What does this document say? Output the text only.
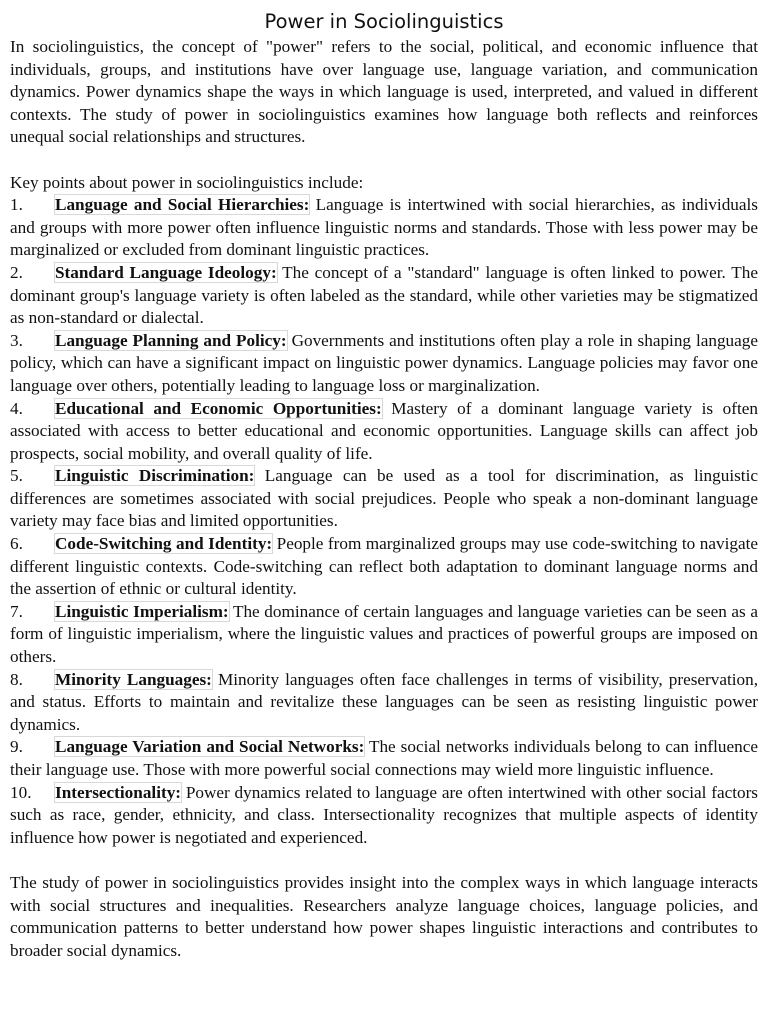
Power in Sociolinguistics

In sociolinguistics, the concept of "power" refers to the social, political, and economic influence that individuals, groups, and institutions have over language use, language variation, and communication dynamics. Power dynamics shape the ways in which language is used, interpreted, and valued in different contexts. The study of power in sociolinguistics examines how language both reflects and reinforces unequal social relationships and structures.

Key points about power in sociolinguistics include:

1. Language and Social Hierarchies: Language is intertwined with social hierarchies, as individuals and groups with more power often influence linguistic norms and standards. Those with less power may be marginalized or excluded from dominant linguistic practices.

2. Standard Language Ideology: The concept of a "standard" language is often linked to power. The dominant group's language variety is often labeled as the standard, while other varieties may be stigmatized as non-standard or dialectal.

3. Language Planning and Policy: Governments and institutions often play a role in shaping language policy, which can have a significant impact on linguistic power dynamics. Language policies may favor one language over others, potentially leading to language loss or marginalization.

4. Educational and Economic Opportunities: Mastery of a dominant language variety is often associated with access to better educational and economic opportunities. Language skills can affect job prospects, social mobility, and overall quality of life.

5. Linguistic Discrimination: Language can be used as a tool for discrimination, as linguistic differences are sometimes associated with social prejudices. People who speak a non-dominant language variety may face bias and limited opportunities.

6. Code-Switching and Identity: People from marginalized groups may use code-switching to navigate different linguistic contexts. Code-switching can reflect both adaptation to dominant language norms and the assertion of ethnic or cultural identity.

7. Linguistic Imperialism: The dominance of certain languages and language varieties can be seen as a form of linguistic imperialism, where the linguistic values and practices of powerful groups are imposed on others.

8. Minority Languages: Minority languages often face challenges in terms of visibility, preservation, and status. Efforts to maintain and revitalize these languages can be seen as resisting linguistic power dynamics.

9. Language Variation and Social Networks: The social networks individuals belong to can influence their language use. Those with more powerful social connections may wield more linguistic influence.

10. Intersectionality: Power dynamics related to language are often intertwined with other social factors such as race, gender, ethnicity, and class. Intersectionality recognizes that multiple aspects of identity influence how power is negotiated and experienced.

The study of power in sociolinguistics provides insight into the complex ways in which language interacts with social structures and inequalities. Researchers analyze language choices, language policies, and communication patterns to better understand how power shapes linguistic interactions and contributes to broader social dynamics.
